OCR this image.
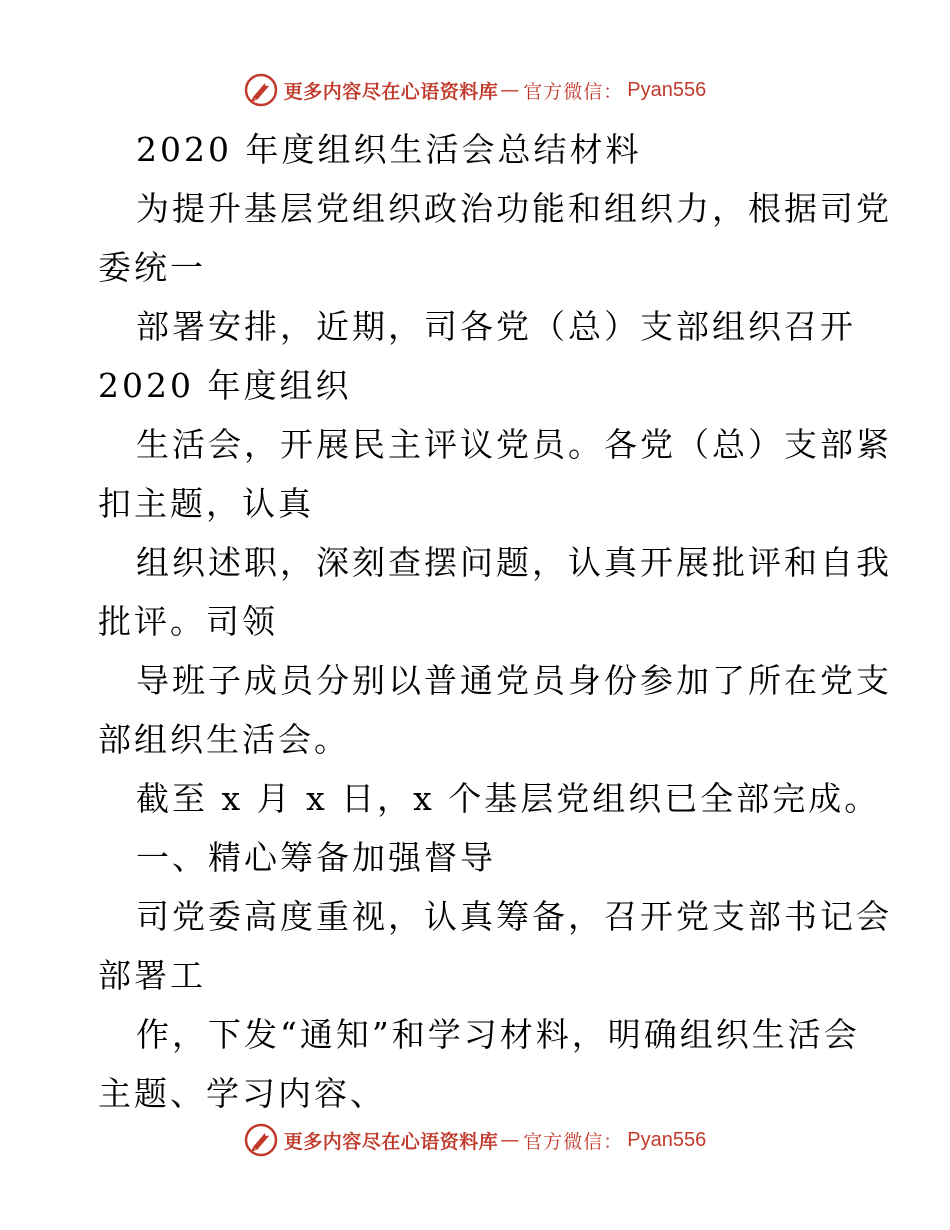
更多内容尽在心语资料库 — 官方微信： Pyan556
2020 年度组织生活会总结材料
为提升基层党组织政治功能和组织力，根据司党
委统一
部署安排，近期，司各党（总）支部组织召开
2020 年度组织
生活会，开展民主评议党员。各党（总）支部紧
扣主题，认真
组织述职，深刻查摆问题，认真开展批评和自我
批评。司领
导班子成员分别以普通党员身份参加了所在党支
部组织生活会。
截至 x 月 x 日，x 个基层党组织已全部完成。
一、精心筹备加强督导
司党委高度重视，认真筹备，召开党支部书记会
部署工
作，下发“通知”和学习材料，明确组织生活会
主题、学习内容、
更多内容尽在心语资料库 — 官方微信： Pyan556
